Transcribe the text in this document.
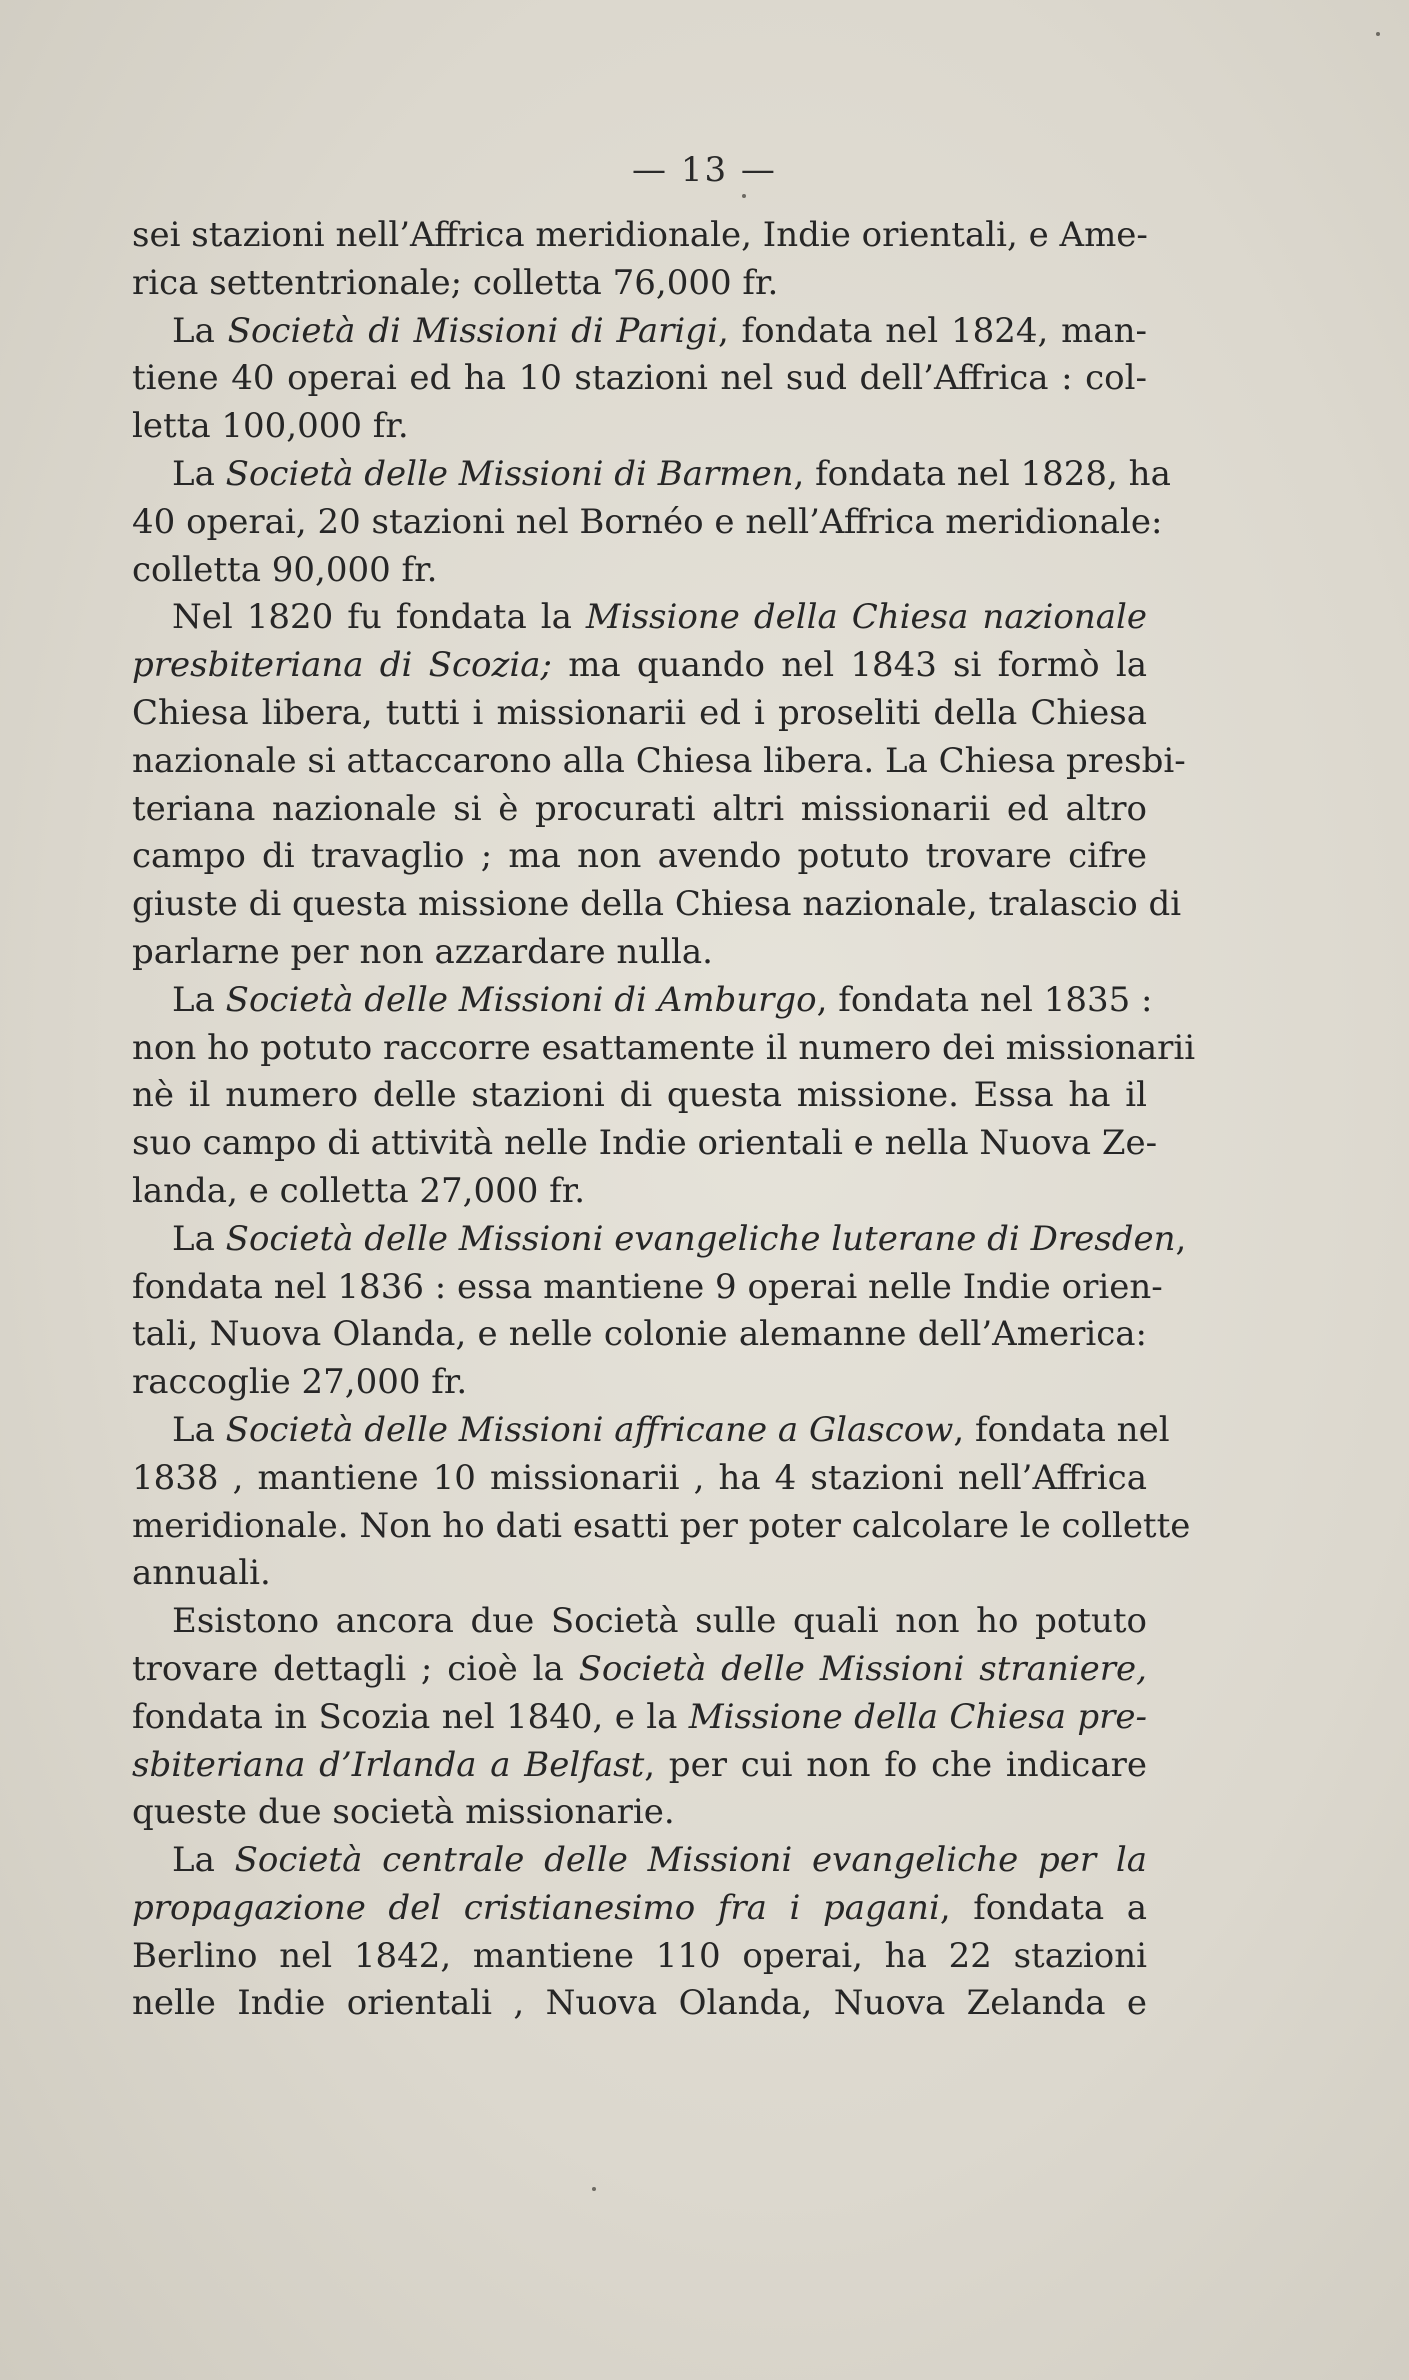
— 13 —
sei stazioni nell’Affrica meridionale, Indie orientali, e Ame-
rica settentrionale; colletta 76,000 fr.
La Società di Missioni di Parigi, fondata nel 1824, man-
tiene 40 operai ed ha 10 stazioni nel sud dell’Affrica : col-
letta 100,000 fr.
La Società delle Missioni di Barmen, fondata nel 1828, ha
40 operai, 20 stazioni nel Bornéo e nell’Affrica meridionale:
colletta 90,000 fr.
Nel 1820 fu fondata la Missione della Chiesa nazionale
presbiteriana di Scozia; ma quando nel 1843 si formò la
Chiesa libera, tutti i missionarii ed i proseliti della Chiesa
nazionale si attaccarono alla Chiesa libera. La Chiesa presbi-
teriana nazionale si è procurati altri missionarii ed altro
campo di travaglio ; ma non avendo potuto trovare cifre
giuste di questa missione della Chiesa nazionale, tralascio di
parlarne per non azzardare nulla.
La Società delle Missioni di Amburgo, fondata nel 1835 :
non ho potuto raccorre esattamente il numero dei missionarii
nè il numero delle stazioni di questa missione. Essa ha il
suo campo di attività nelle Indie orientali e nella Nuova Ze-
landa, e colletta 27,000 fr.
La Società delle Missioni evangeliche luterane di Dresden,
fondata nel 1836 : essa mantiene 9 operai nelle Indie orien-
tali, Nuova Olanda, e nelle colonie alemanne dell’America:
raccoglie 27,000 fr.
La Società delle Missioni affricane a Glascow, fondata nel
1838 , mantiene 10 missionarii , ha 4 stazioni nell’Affrica
meridionale. Non ho dati esatti per poter calcolare le collette
annuali.
Esistono ancora due Società sulle quali non ho potuto
trovare dettagli ; cioè la Società delle Missioni straniere,
fondata in Scozia nel 1840, e la Missione della Chiesa pre-
sbiteriana d’Irlanda a Belfast, per cui non fo che indicare
queste due società missionarie.
La Società centrale delle Missioni evangeliche per la
propagazione del cristianesimo fra i pagani, fondata a
Berlino nel 1842, mantiene 110 operai, ha 22 stazioni
nelle Indie orientali , Nuova Olanda, Nuova Zelanda e
